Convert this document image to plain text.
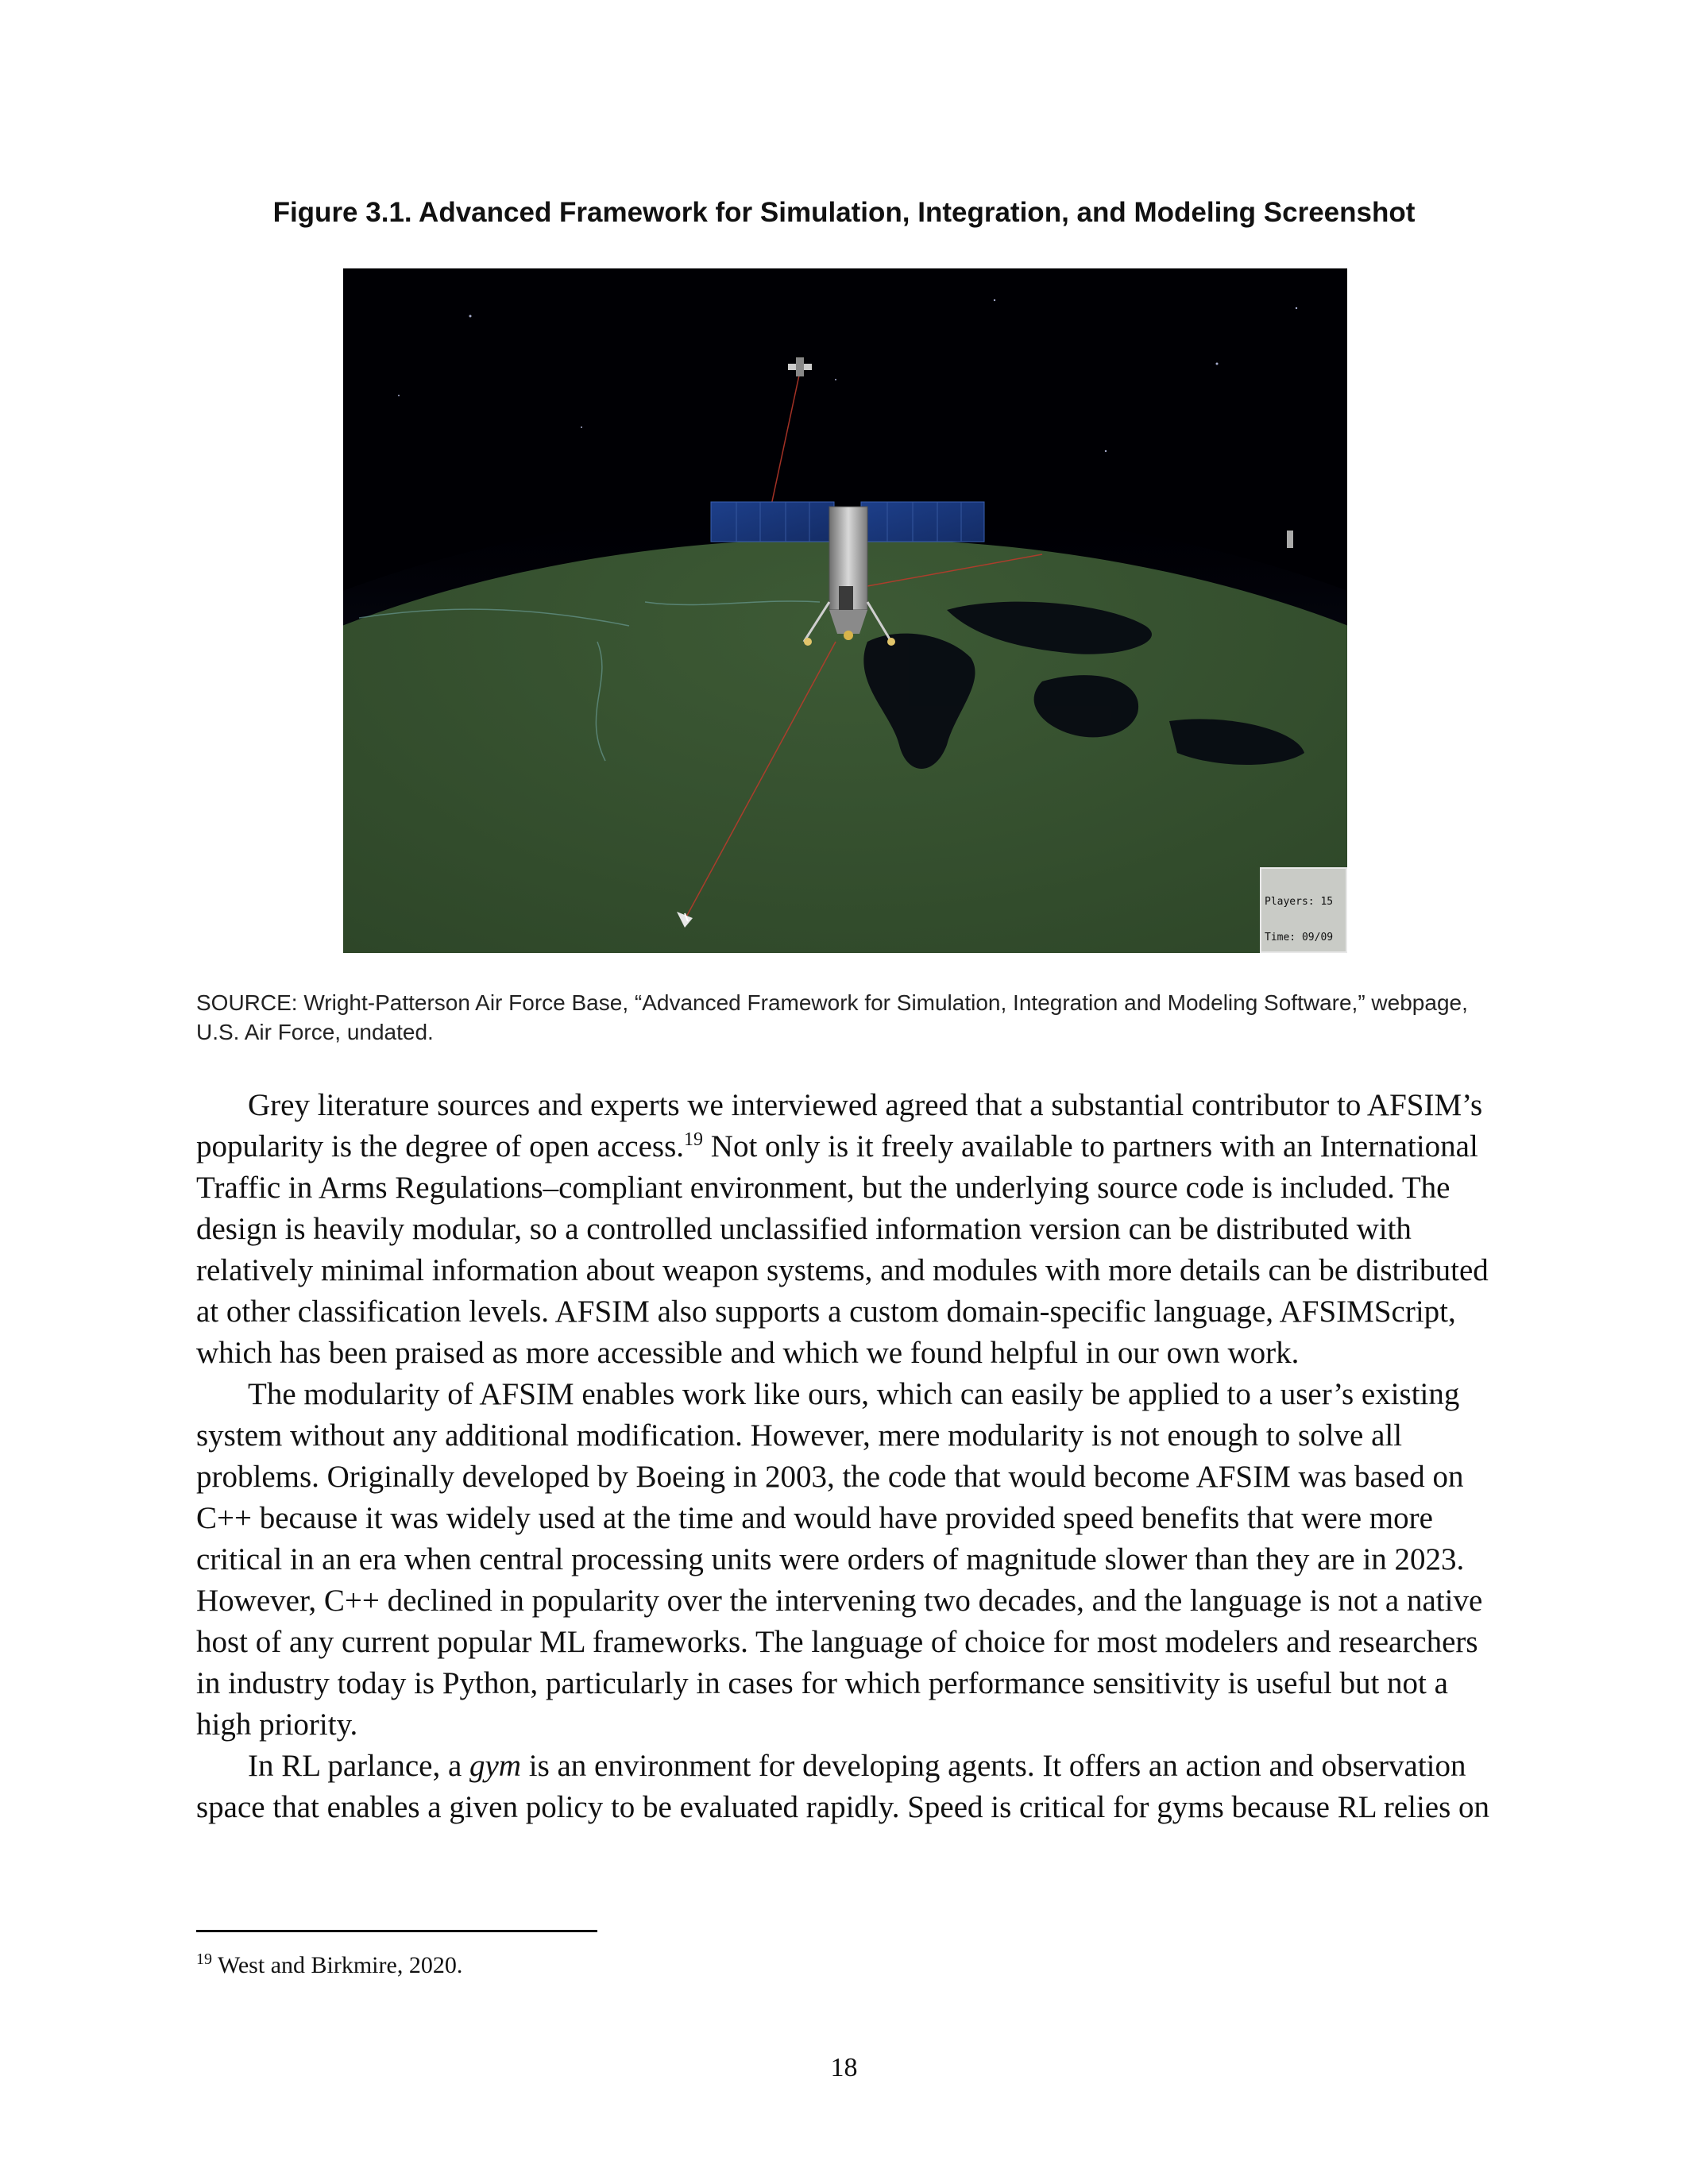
Figure 3.1. Advanced Framework for Simulation, Integration, and Modeling Screenshot

Players: 15

Time: 09/09

SOURCE: Wright-Patterson Air Force Base, “Advanced Framework for Simulation, Integration and Modeling Software,” webpage, U.S. Air Force, undated.

Grey literature sources and experts we interviewed agreed that a substantial contributor to AFSIM’s popularity is the degree of open access.$^{19}$ Not only is it freely available to partners with an International Traffic in Arms Regulations–compliant environment, but the underlying source code is included. The design is heavily modular, so a controlled unclassified information version can be distributed with relatively minimal information about weapon systems, and modules with more details can be distributed at other classification levels. AFSIM also supports a custom domain-specific language, AFSIMScript, which has been praised as more accessible and which we found helpful in our own work.

The modularity of AFSIM enables work like ours, which can easily be applied to a user’s existing system without any additional modification. However, mere modularity is not enough to solve all problems. Originally developed by Boeing in 2003, the code that would become AFSIM was based on C++ because it was widely used at the time and would have provided speed benefits that were more critical in an era when central processing units were orders of magnitude slower than they are in 2023. However, C++ declined in popularity over the intervening two decades, and the language is not a native host of any current popular ML frameworks. The language of choice for most modelers and researchers in industry today is Python, particularly in cases for which performance sensitivity is useful but not a high priority.

In RL parlance, a gym is an environment for developing agents. It offers an action and observation space that enables a given policy to be evaluated rapidly. Speed is critical for gyms because RL relies on

$^{19}$ West and Birkmire, 2020.
18
